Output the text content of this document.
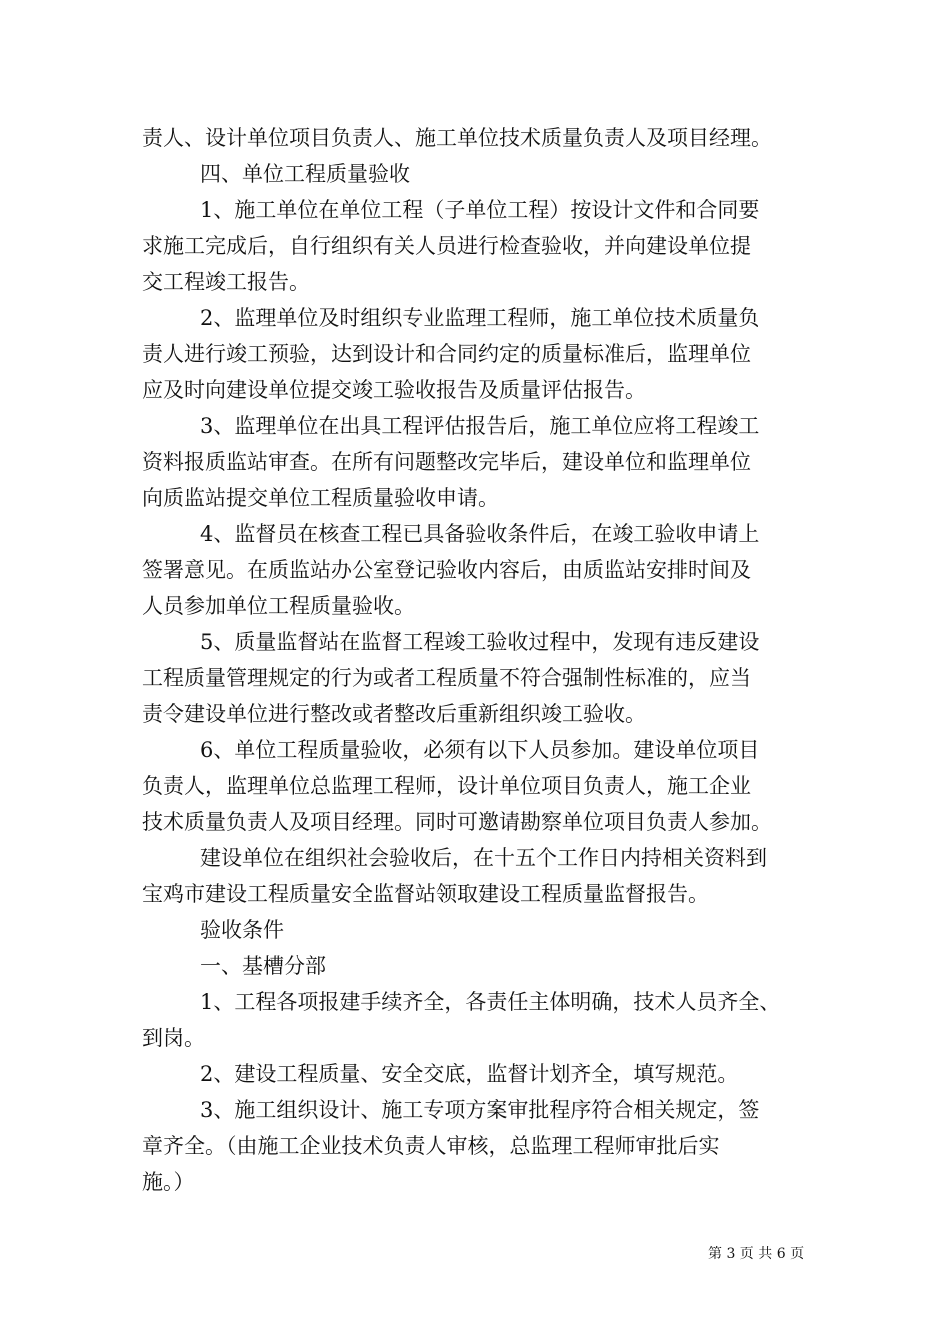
责人、设计单位项目负责人、施工单位技术质量负责人及项目经理。
四、单位工程质量验收
1、施工单位在单位工程（子单位工程）按设计文件和合同要
求施工完成后，自行组织有关人员进行检查验收，并向建设单位提
交工程竣工报告。
2、监理单位及时组织专业监理工程师，施工单位技术质量负
责人进行竣工预验，达到设计和合同约定的质量标准后，监理单位
应及时向建设单位提交竣工验收报告及质量评估报告。
3、监理单位在出具工程评估报告后，施工单位应将工程竣工
资料报质监站审查。在所有问题整改完毕后，建设单位和监理单位
向质监站提交单位工程质量验收申请。
4、监督员在核查工程已具备验收条件后，在竣工验收申请上
签署意见。在质监站办公室登记验收内容后，由质监站安排时间及
人员参加单位工程质量验收。
5、质量监督站在监督工程竣工验收过程中，发现有违反建设
工程质量管理规定的行为或者工程质量不符合强制性标准的，应当
责令建设单位进行整改或者整改后重新组织竣工验收。
6、单位工程质量验收，必须有以下人员参加。建设单位项目
负责人，监理单位总监理工程师，设计单位项目负责人，施工企业
技术质量负责人及项目经理。同时可邀请勘察单位项目负责人参加。
建设单位在组织社会验收后，在十五个工作日内持相关资料到
宝鸡市建设工程质量安全监督站领取建设工程质量监督报告。
验收条件
一、基槽分部
1、工程各项报建手续齐全，各责任主体明确，技术人员齐全、
到岗。
2、建设工程质量、安全交底，监督计划齐全，填写规范。
3、施工组织设计、施工专项方案审批程序符合相关规定，签
章齐全。（由施工企业技术负责人审核，总监理工程师审批后实
施。）
第 3 页 共 6 页
